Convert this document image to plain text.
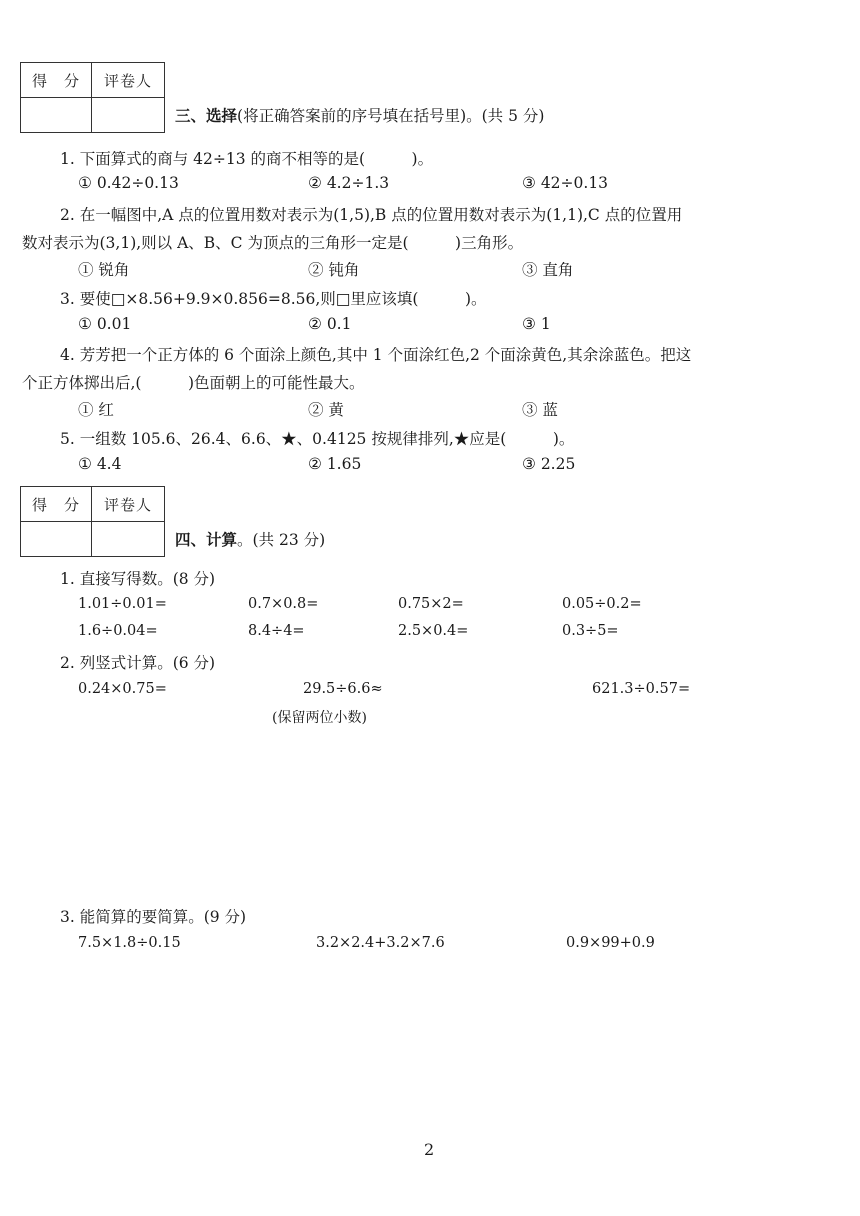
得　分	评卷人

三、选择(将正确答案前的序号填在括号里)。(共 5 分)
1. 下面算式的商与 42÷13 的商不相等的是(　　　)。
① 0.42÷0.13	② 4.2÷1.3	③ 42÷0.13
2. 在一幅图中,A 点的位置用数对表示为(1,5),B 点的位置用数对表示为(1,1),C 点的位置用
数对表示为(3,1),则以 A、B、C 为顶点的三角形一定是(　　　)三角形。
① 锐角	② 钝角	③ 直角
3. 要使□×8.56+9.9×0.856=8.56,则□里应该填(　　　)。
① 0.01	② 0.1	③ 1
4. 芳芳把一个正方体的 6 个面涂上颜色,其中 1 个面涂红色,2 个面涂黄色,其余涂蓝色。把这
个正方体掷出后,(　　　)色面朝上的可能性最大。
① 红	② 黄	③ 蓝
5. 一组数 105.6、26.4、6.6、★、0.4125 按规律排列,★应是(　　　)。
① 4.4	② 1.65	③ 2.25
得　分	评卷人

四、计算。(共 23 分)
1. 直接写得数。(8 分)
1.01÷0.01=	0.7×0.8=	0.75×2=	0.05÷0.2=
1.6÷0.04=	8.4÷4=	2.5×0.4=	0.3÷5=
2. 列竖式计算。(6 分)
0.24×0.75=	29.5÷6.6≈	621.3÷0.57=
(保留两位小数)
3. 能简算的要简算。(9 分)
7.5×1.8÷0.15	3.2×2.4+3.2×7.6	0.9×99+0.9
2
